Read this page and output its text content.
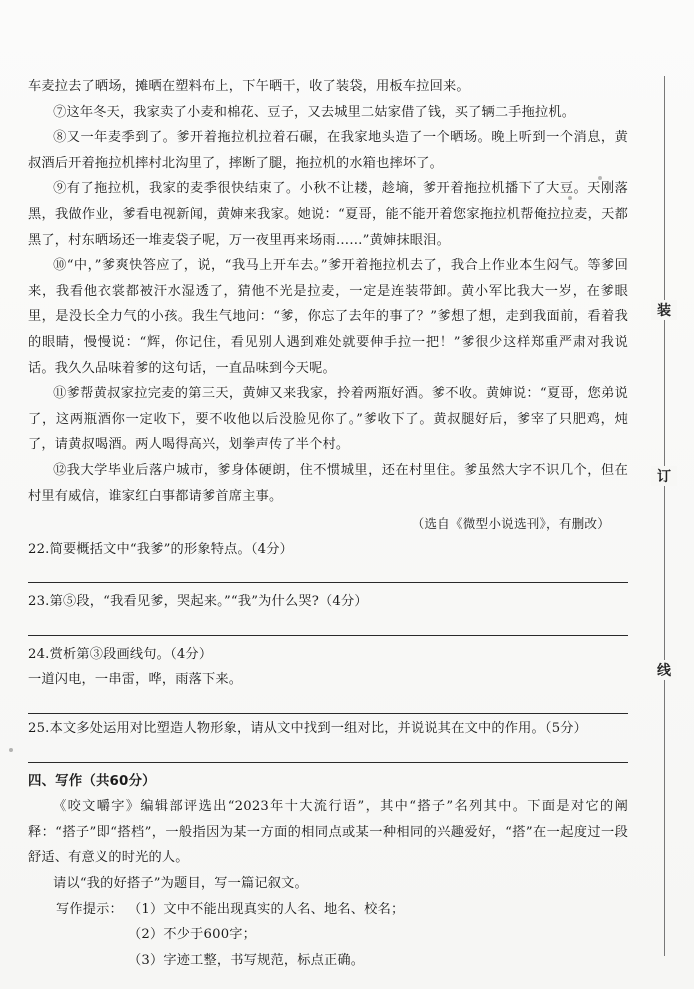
车麦拉去了晒场，摊晒在塑料布上，下午晒干，收了装袋，用板车拉回来。

⑦这年冬天，我家卖了小麦和棉花、豆子，又去城里二姑家借了钱，买了辆二手拖拉机。

⑧又一年麦季到了。爹开着拖拉机拉着石碾，在我家地头造了一个晒场。晚上听到一个消息，黄叔酒后开着拖拉机摔村北沟里了，摔断了腿，拖拉机的水箱也摔坏了。

⑨有了拖拉机，我家的麦季很快结束了。小秋不让耧，趁墒，爹开着拖拉机播下了大豆。天刚落黑，我做作业，爹看电视新闻，黄婶来我家。她说：“夏哥，能不能开着您家拖拉机帮俺拉拉麦，天都黑了，村东晒场还一堆麦袋子呢，万一夜里再来场雨……”黄婶抹眼泪。

⑩“中，”爹爽快答应了，说，“我马上开车去。”爹开着拖拉机去了，我合上作业本生闷气。等爹回来，我看他衣裳都被汗水湿透了，猜他不光是拉麦，一定是连装带卸。黄小军比我大一岁，在爹眼里，是没长全力气的小孩。我生气地问：“爹，你忘了去年的事了？”爹想了想，走到我面前，看着我的眼睛，慢慢说：“辉，你记住，看见别人遇到难处就要伸手拉一把！”爹很少这样郑重严肃对我说话。我久久品味着爹的这句话，一直品味到今天呢。

⑪爹帮黄叔家拉完麦的第三天，黄婶又来我家，拎着两瓶好酒。爹不收。黄婶说：“夏哥，您弟说了，这两瓶酒你一定收下，要不收他以后没脸见你了。”爹收下了。黄叔腿好后，爹宰了只肥鸡，炖了，请黄叔喝酒。两人喝得高兴，划拳声传了半个村。

⑫我大学毕业后落户城市，爹身体硬朗，住不惯城里，还在村里住。爹虽然大字不识几个，但在村里有威信，谁家红白事都请爹首席主事。

（选自《微型小说选刊》，有删改）

22.简要概括文中“我爹”的形象特点。（4分）

23.第⑤段，“我看见爹，哭起来。”“我”为什么哭?（4分）

24.赏析第③段画线句。（4分）

一道闪电，一串雷，哗，雨落下来。

25.本文多处运用对比塑造人物形象，请从文中找到一组对比，并说说其在文中的作用。（5分）

四、写作（共60分）

《咬文嚼字》编辑部评选出“2023年十大流行语”，其中“搭子”名列其中。下面是对它的阐释：“搭子”即“搭档”，一般指因为某一方面的相同点或某一种相同的兴趣爱好，“搭”在一起度过一段舒适、有意义的时光的人。

请以“我的好搭子”为题目，写一篇记叙文。

写作提示： （1）文中不能出现真实的人名、地名、校名；

（2）不少于600字；

（3）字迹工整，书写规范，标点正确。

装
订
线
